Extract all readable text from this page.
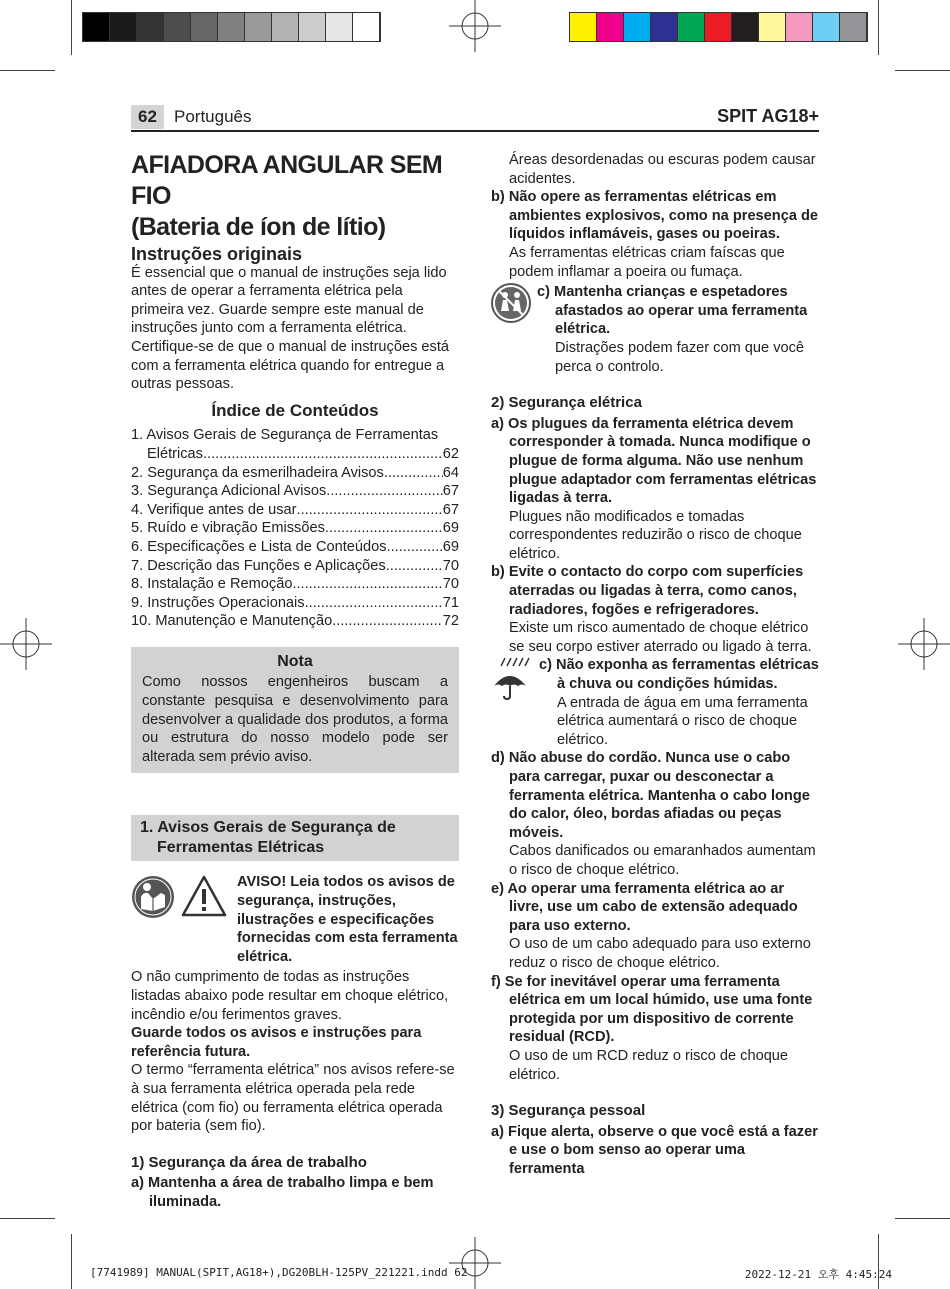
62	Português	SPIT AG18+
AFIADORA ANGULAR SEM FIO
(Bateria de íon de lítio)
Instruções originais

É essencial que o manual de instruções seja lido antes de operar a ferramenta elétrica pela primeira vez. Guarde sempre este manual de instruções junto com a ferramenta elétrica. Certifique-se de que o manual de instruções está com a ferramenta elétrica quando for entregue a outras pessoas.

Índice de Conteúdos
1. Avisos Gerais de Segurança de Ferramentas
Elétricas .....	62
2. Segurança da esmerilhadeira Avisos .....	64
3. Segurança Adicional Avisos .....	67
4. Verifique antes de usar .....	67
5. Ruído e vibração Emissões .....	69
6. Especificações e Lista de Conteúdos .....	69
7. Descrição das Funções e Aplicações .....	70
8. Instalação e Remoção .....	70
9. Instruções Operacionais .....	71
10. Manutenção e Manutenção .....	72
Nota

Como nossos engenheiros buscam a constante pesquisa e desenvolvimento para desenvolver a qualidade dos produtos, a forma ou estrutura do nosso modelo pode ser alterada sem prévio aviso.

1. Avisos Gerais de Segurança de
Ferramentas Elétricas

AVISO! Leia todos os avisos de segurança, instruções, ilustrações e especificações fornecidas com esta ferramenta elétrica.

O não cumprimento de todas as instruções listadas abaixo pode resultar em choque elétrico, incêndio e/ou ferimentos graves.

Guarde todos os avisos e instruções para referência futura.

O termo “ferramenta elétrica” nos avisos refere-se à sua ferramenta elétrica operada pela rede elétrica (com fio) ou ferramenta elétrica operada por bateria (sem fio).

1) Segurança da área de trabalho

a) Mantenha a área de trabalho limpa e bem iluminada.

Áreas desordenadas ou escuras podem causar acidentes.

b) Não opere as ferramentas elétricas em ambientes explosivos, como na presença de líquidos inflamáveis, gases ou poeiras.

As ferramentas elétricas criam faíscas que podem inflamar a poeira ou fumaça.

c) Mantenha crianças e espetadores afastados ao operar uma ferramenta elétrica.

Distrações podem fazer com que você perca o controlo.

2) Segurança elétrica

a) Os plugues da ferramenta elétrica devem corresponder à tomada. Nunca modifique o plugue de forma alguma. Não use nenhum plugue adaptador com ferramentas elétricas ligadas à terra.

Plugues não modificados e tomadas correspondentes reduzirão o risco de choque elétrico.

b) Evite o contacto do corpo com superfícies aterradas ou ligadas à terra, como canos, radiadores, fogões e refrigeradores.

Existe um risco aumentado de choque elétrico se seu corpo estiver aterrado ou ligado à terra.

c) Não exponha as ferramentas elétricas à chuva ou condições húmidas.

A entrada de água em uma ferramenta elétrica aumentará o risco de choque elétrico.

d) Não abuse do cordão. Nunca use o cabo para carregar, puxar ou desconectar a ferramenta elétrica. Mantenha o cabo longe do calor, óleo, bordas afiadas ou peças móveis.

Cabos danificados ou emaranhados aumentam o risco de choque elétrico.

e) Ao operar uma ferramenta elétrica ao ar livre, use um cabo de extensão adequado para uso externo.

O uso de um cabo adequado para uso externo reduz o risco de choque elétrico.

f) Se for inevitável operar uma ferramenta elétrica em um local húmido, use uma fonte protegida por um dispositivo de corrente residual (RCD).

O uso de um RCD reduz o risco de choque elétrico.

3) Segurança pessoal

a) Fique alerta, observe o que você está a fazer e use o bom senso ao operar uma ferramenta

[7741989] MANUAL(SPIT,AG18+),DG20BLH-125PV_221221.indd 62	2022-12-21 오후 4:45:24
